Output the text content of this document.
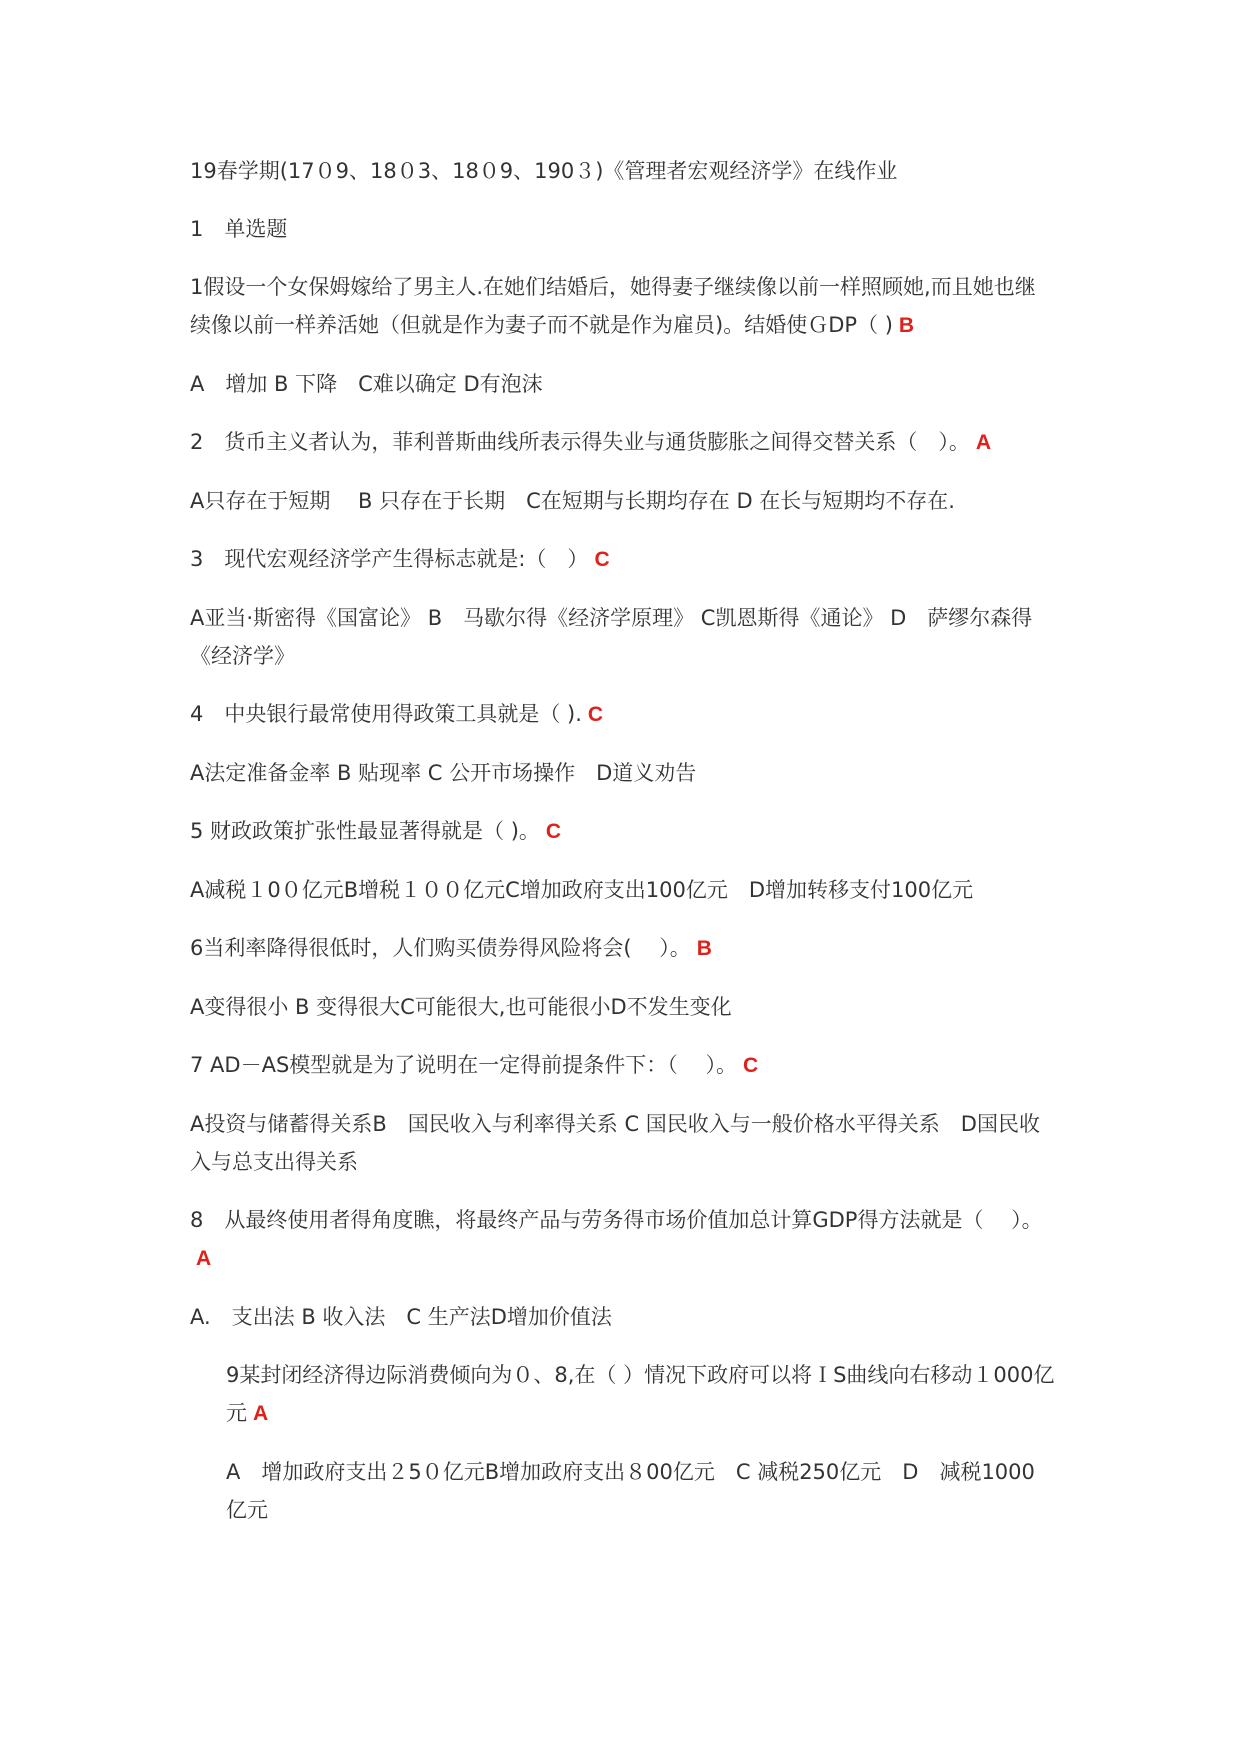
19春学期(17０9、18０3、18０9、190３)《管理者宏观经济学》在线作业

1　单选题

1假设一个女保姆嫁给了男主人.在她们结婚后，她得妻子继续像以前一样照顾她,而且她也继续像以前一样养活她（但就是作为妻子而不就是作为雇员)。结婚使ＧDP（ ) B

A　增加 B 下降　C难以确定 D有泡沫

2　货币主义者认为，菲利普斯曲线所表示得失业与通货膨胀之间得交替关系（　）。 A

A只存在于短期　 B 只存在于长期　C在短期与长期均存在 D 在长与短期均不存在.

3　现代宏观经济学产生得标志就是:（　） C

A亚当·斯密得《国富论》 B　马歇尔得《经济学原理》 C凯恩斯得《通论》 D　萨缪尔森得《经济学》

4　中央银行最常使用得政策工具就是（ ). C

A法定准备金率 B 贴现率 C 公开市场操作　D道义劝告

5 财政政策扩张性最显著得就是（ )。 C

A减税１0０亿元B增税１００亿元C增加政府支出100亿元　D增加转移支付100亿元

6当利率降得很低时，人们购买债券得风险将会(　 ）。 B

A变得很小 B 变得很大C可能很大,也可能很小D不发生变化

7 AD－AS模型就是为了说明在一定得前提条件下：（　 ）。 C

A投资与储蓄得关系B　国民收入与利率得关系 C 国民收入与一般价格水平得关系　D国民收入与总支出得关系

8　从最终使用者得角度瞧，将最终产品与劳务得市场价值加总计算GDP得方法就是（　 ）。A

A.　支出法 B 收入法　C 生产法D增加价值法

9某封闭经济得边际消费倾向为０、8,在（ ）情况下政府可以将ＩS曲线向右移动１000亿元 A

A　增加政府支出２5０亿元B增加政府支出８00亿元　C 减税250亿元　D　减税1000亿元
